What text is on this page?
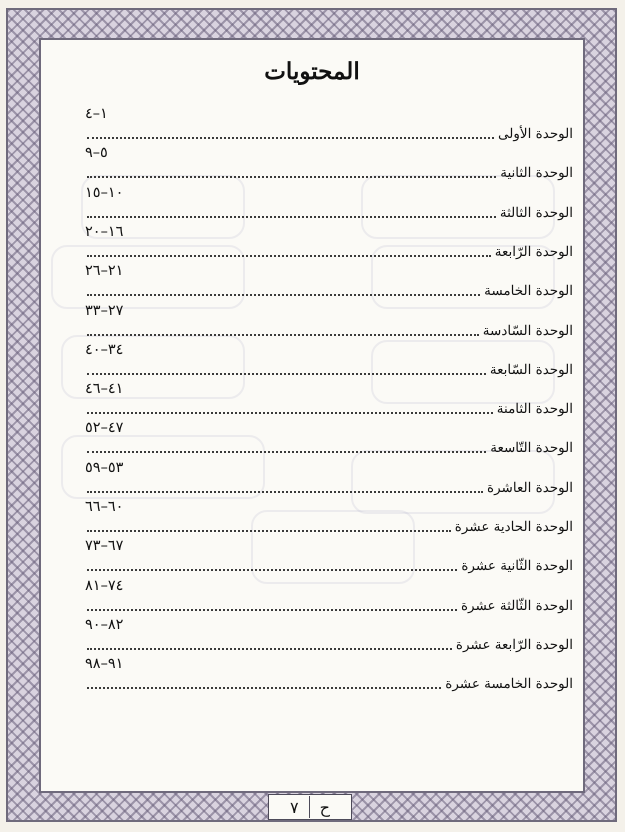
المحتويات
١–٤
الوحدة الأولى
٥–٩
الوحدة الثانية
١٠–١٥
الوحدة الثالثة
١٦–٢٠
الوحدة الرّابعة
٢١–٢٦
الوحدة الخامسة
٢٧–٣٣
الوحدة السّادسة
٣٤–٤٠
الوحدة السّابعة
٤١–٤٦
الوحدة الثامنة
٤٧–٥٢
الوحدة التّاسعة
٥٣–٥٩
الوحدة العاشرة
٦٠–٦٦
الوحدة الحادية عشرة
٦٧–٧٣
الوحدة الثّانية عشرة
٧٤–٨١
الوحدة الثّالثة عشرة
٨٢–٩٠
الوحدة الرّابعة عشرة
٩١–٩٨
الوحدة الخامسة عشرة
ح
٧
